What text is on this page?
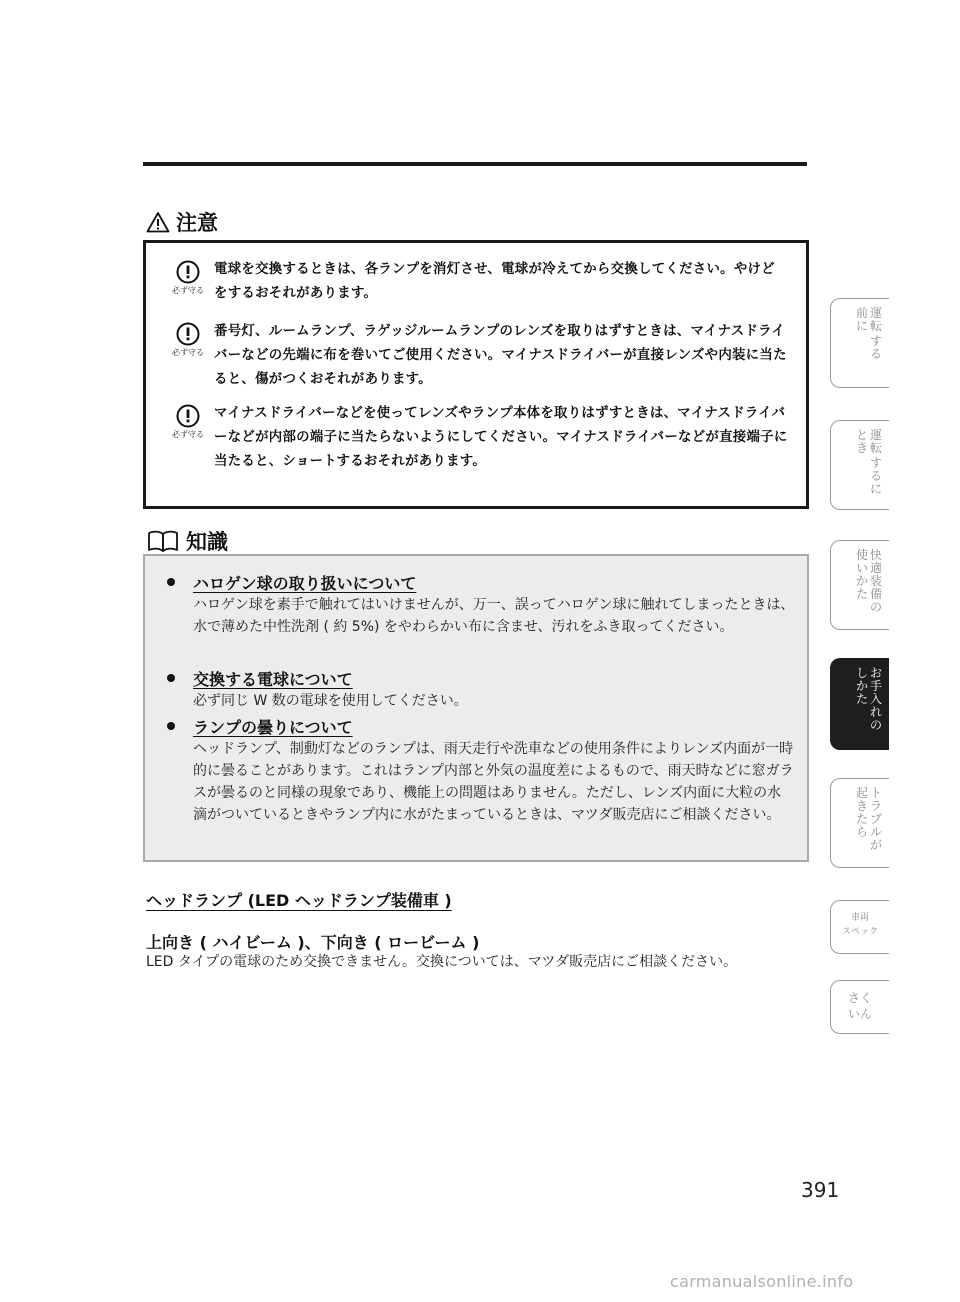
注意
必ず守る
電球を交換するときは、各ランプを消灯させ、電球が冷えてから交換してください。やけどをするおそれがあります。
必ず守る
番号灯、ルームランプ、ラゲッジルームランプのレンズを取りはずすときは、マイナスドライバーなどの先端に布を巻いてご使用ください。マイナスドライバーが直接レンズや内装に当たると、傷がつくおそれがあります。
必ず守る
マイナスドライバーなどを使ってレンズやランプ本体を取りはずすときは、マイナスドライバーなどが内部の端子に当たらないようにしてください。マイナスドライバーなどが直接端子に当たると、ショートするおそれがあります。
知識
ハロゲン球の取り扱いについて
ハロゲン球を素手で触れてはいけませんが、万一、誤ってハロゲン球に触れてしまったときは、水で薄めた中性洗剤 ( 約 5%) をやわらかい布に含ませ、汚れをふき取ってください。
交換する電球について
必ず同じ W 数の電球を使用してください。
ランプの曇りについて
ヘッドランプ、制動灯などのランプは、雨天走行や洗車などの使用条件によりレンズ内面が一時的に曇ることがあります。これはランプ内部と外気の温度差によるもので、雨天時などに窓ガラスが曇るのと同様の現象であり、機能上の問題はありません。ただし、レンズ内面に大粒の水滴がついているときやランプ内に水がたまっているときは、マツダ販売店にご相談ください。
ヘッドランプ (LED ヘッドランプ装備車 )
上向き ( ハイビーム )、下向き ( ロービーム )
LED タイプの電球のため交換できません。交換については、マツダ販売店にご相談ください。
運
転
前
に
す
る
運
転
と
き
す
る
に
快
適
装
備
の
使
い
か
た
お
手
入
れ
の
し
か
た
ト
ラ
ブ
ル
が
起
き
た
ら
車両
スペック
さく
いん
391
carmanualsonline.info
